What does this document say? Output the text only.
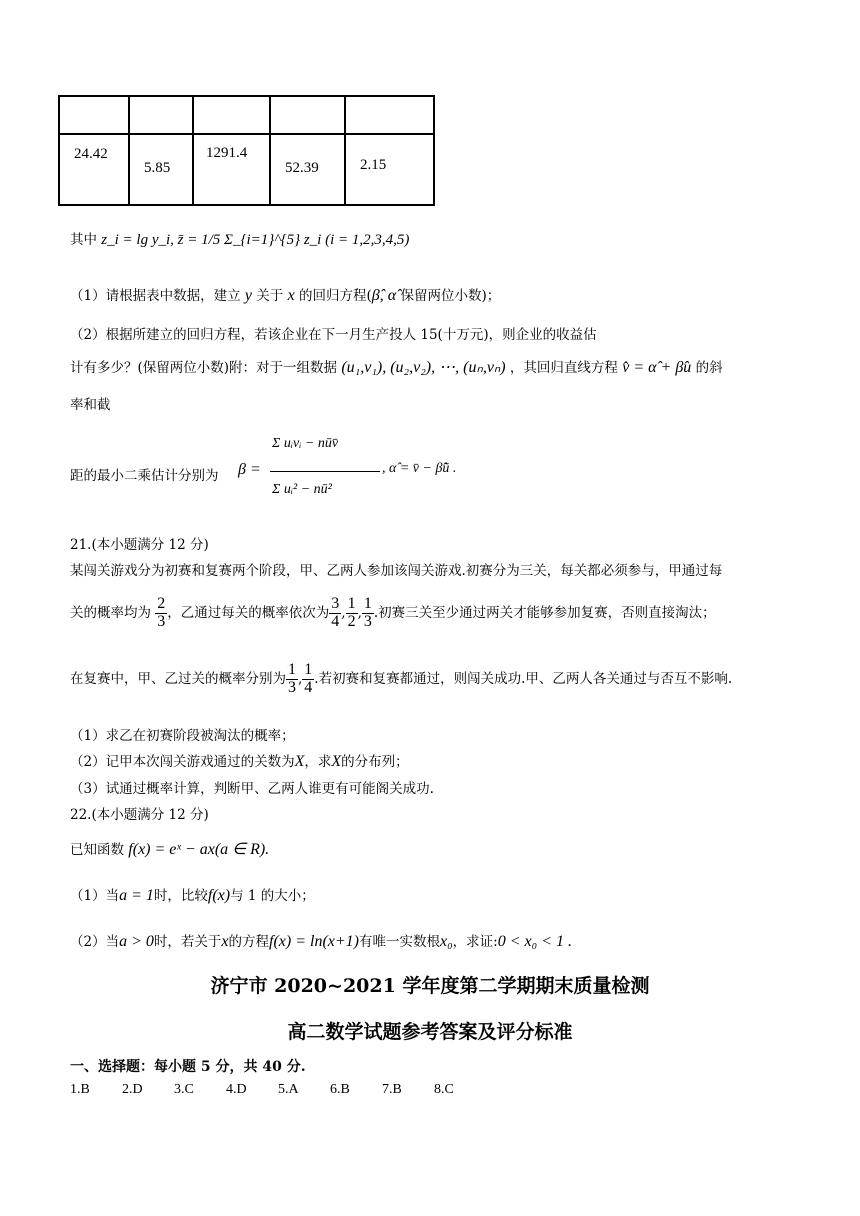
24.42	5.85	1291.4	52.39	2.15
其中 z_i = lg y_i, z̄ = 1/5 Σ_{i=1}^{5} z_i (i = 1,2,3,4,5)
（1）请根据表中数据，建立 y 关于 x 的回归方程(β̂, α̂ 保留两位小数)；
（2）根据所建立的回归方程，若该企业在下一月生产投人 15(十万元)，则企业的收益估
计有多少？(保留两位小数)附：对于一组数据 (u₁,v₁), (u₂,v₂), ⋯, (uₙ,vₙ) ，其回归直线方程 v̂ = α̂ + β̂u 的斜
率和截
距的最小二乘估计分别为 β =
Σ uᵢvᵢ − nūv̄
Σ uᵢ² − nū²
, α̂ = v̄ − β̂ū .
21.(本小题满分 12 分)
某闯关游戏分为初赛和复赛两个阶段，甲、乙两人参加该闯关游戏.初赛分为三关，每关都必须参与，甲通过每
关的概率均为 $\frac{2}{3}$ ，乙通过每关的概率依次为 $\frac{3}{4}$ , $\frac{1}{2}$ , $\frac{1}{3}$ .初赛三关至少通过两关才能够参加复赛，否则直接淘汰；
在复赛中，甲、乙过关的概率分别为 $\frac{1}{3}$ , $\frac{1}{4}$ .若初赛和复赛都通过，则闯关成功.甲、乙两人各关通过与否互不影响.
（1）求乙在初赛阶段被淘汰的概率；
（2）记甲本次闯关游戏通过的关数为X，求X的分布列；
（3）试通过概率计算，判断甲、乙两人谁更有可能阁关成功.
22.(本小题满分 12 分)
已知函数 f(x) = eˣ − ax(a ∈ R).
（1）当a = 1时，比较f(x)与 1 的大小；
（2）当a > 0时，若关于x的方程f(x) = ln(x+1)有唯一实数根x₀，求证:0 < x₀ < 1 .
济宁市 2020~2021 学年度第二学期期末质量检测
高二数学试题参考答案及评分标准
一、选择题：每小题 5 分，共 40 分.
1.B 2.D 3.C 4.D 5.A 6.B 7.B 8.C
